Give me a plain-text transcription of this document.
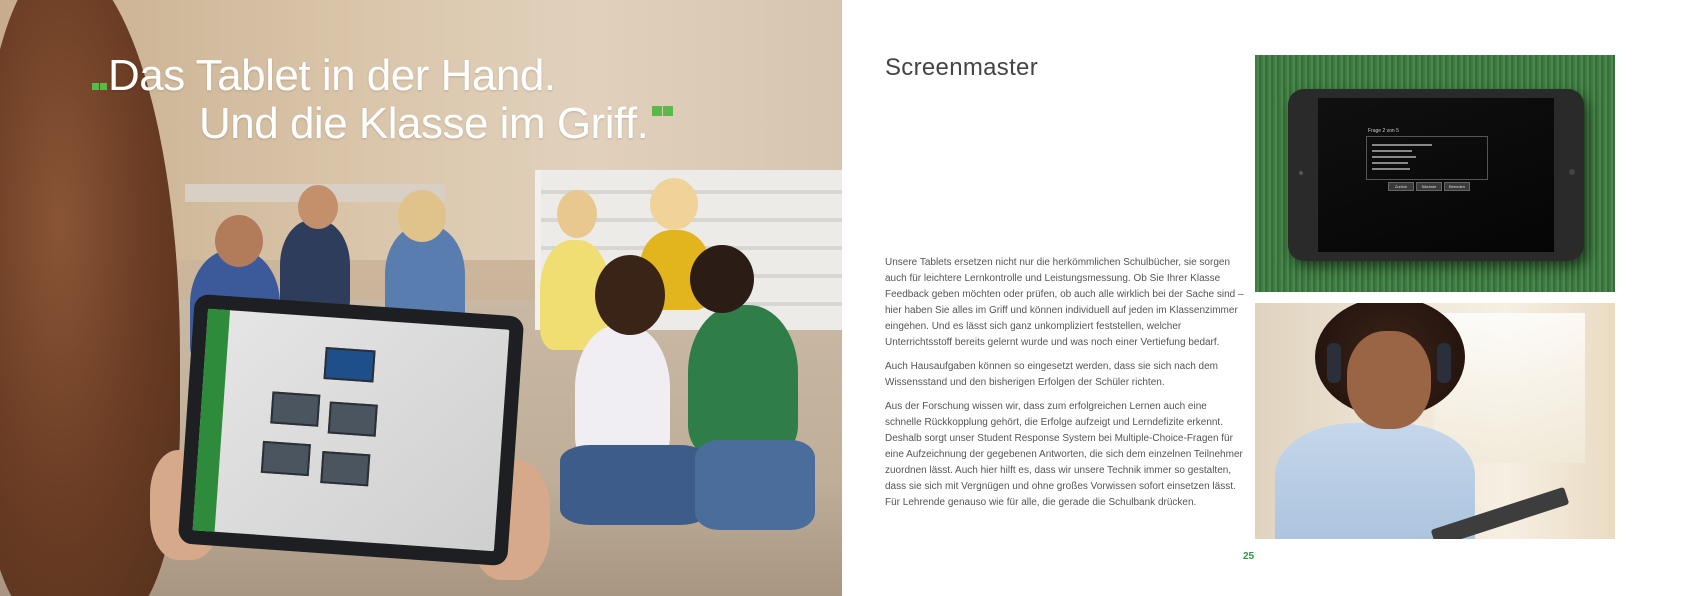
Das Tablet in der Hand.
Und die Klasse im Griff.
Screenmaster

Unsere Tablets ersetzen nicht nur die herkömmlichen Schulbücher, sie sorgen auch für leichtere Lernkontrolle und Leistungsmessung. Ob Sie Ihrer Klasse Feedback geben möchten oder prüfen, ob auch alle wirklich bei der Sache sind – hier haben Sie alles im Griff und können individuell auf jeden im Klassenzimmer eingehen. Und es lässt sich ganz unkompliziert feststellen, welcher Unterrichtsstoff bereits gelernt wurde und was noch einer Vertiefung bedarf.

Auch Hausaufgaben können so eingesetzt werden, dass sie sich nach dem Wissensstand und den bisherigen Erfolgen der Schüler richten.

Aus der Forschung wissen wir, dass zum erfolgreichen Lernen auch eine schnelle Rückkopplung gehört, die Erfolge aufzeigt und Lerndefizite erkennt. Deshalb sorgt unser Student Response System bei Multiple-Choice-Fragen für eine Aufzeichnung der gegebenen Antworten, die sich dem einzelnen Teilnehmer zuordnen lässt. Auch hier hilft es, dass wir unsere Technik immer so gestalten, dass sie sich mit Vergnügen und ohne großes Vorwissen sofort einsetzen lässt. Für Lehrende genauso wie für alle, die gerade die Schulbank drücken.

25
Frage 2 von 5
Zurück	Nächste	Beenden
